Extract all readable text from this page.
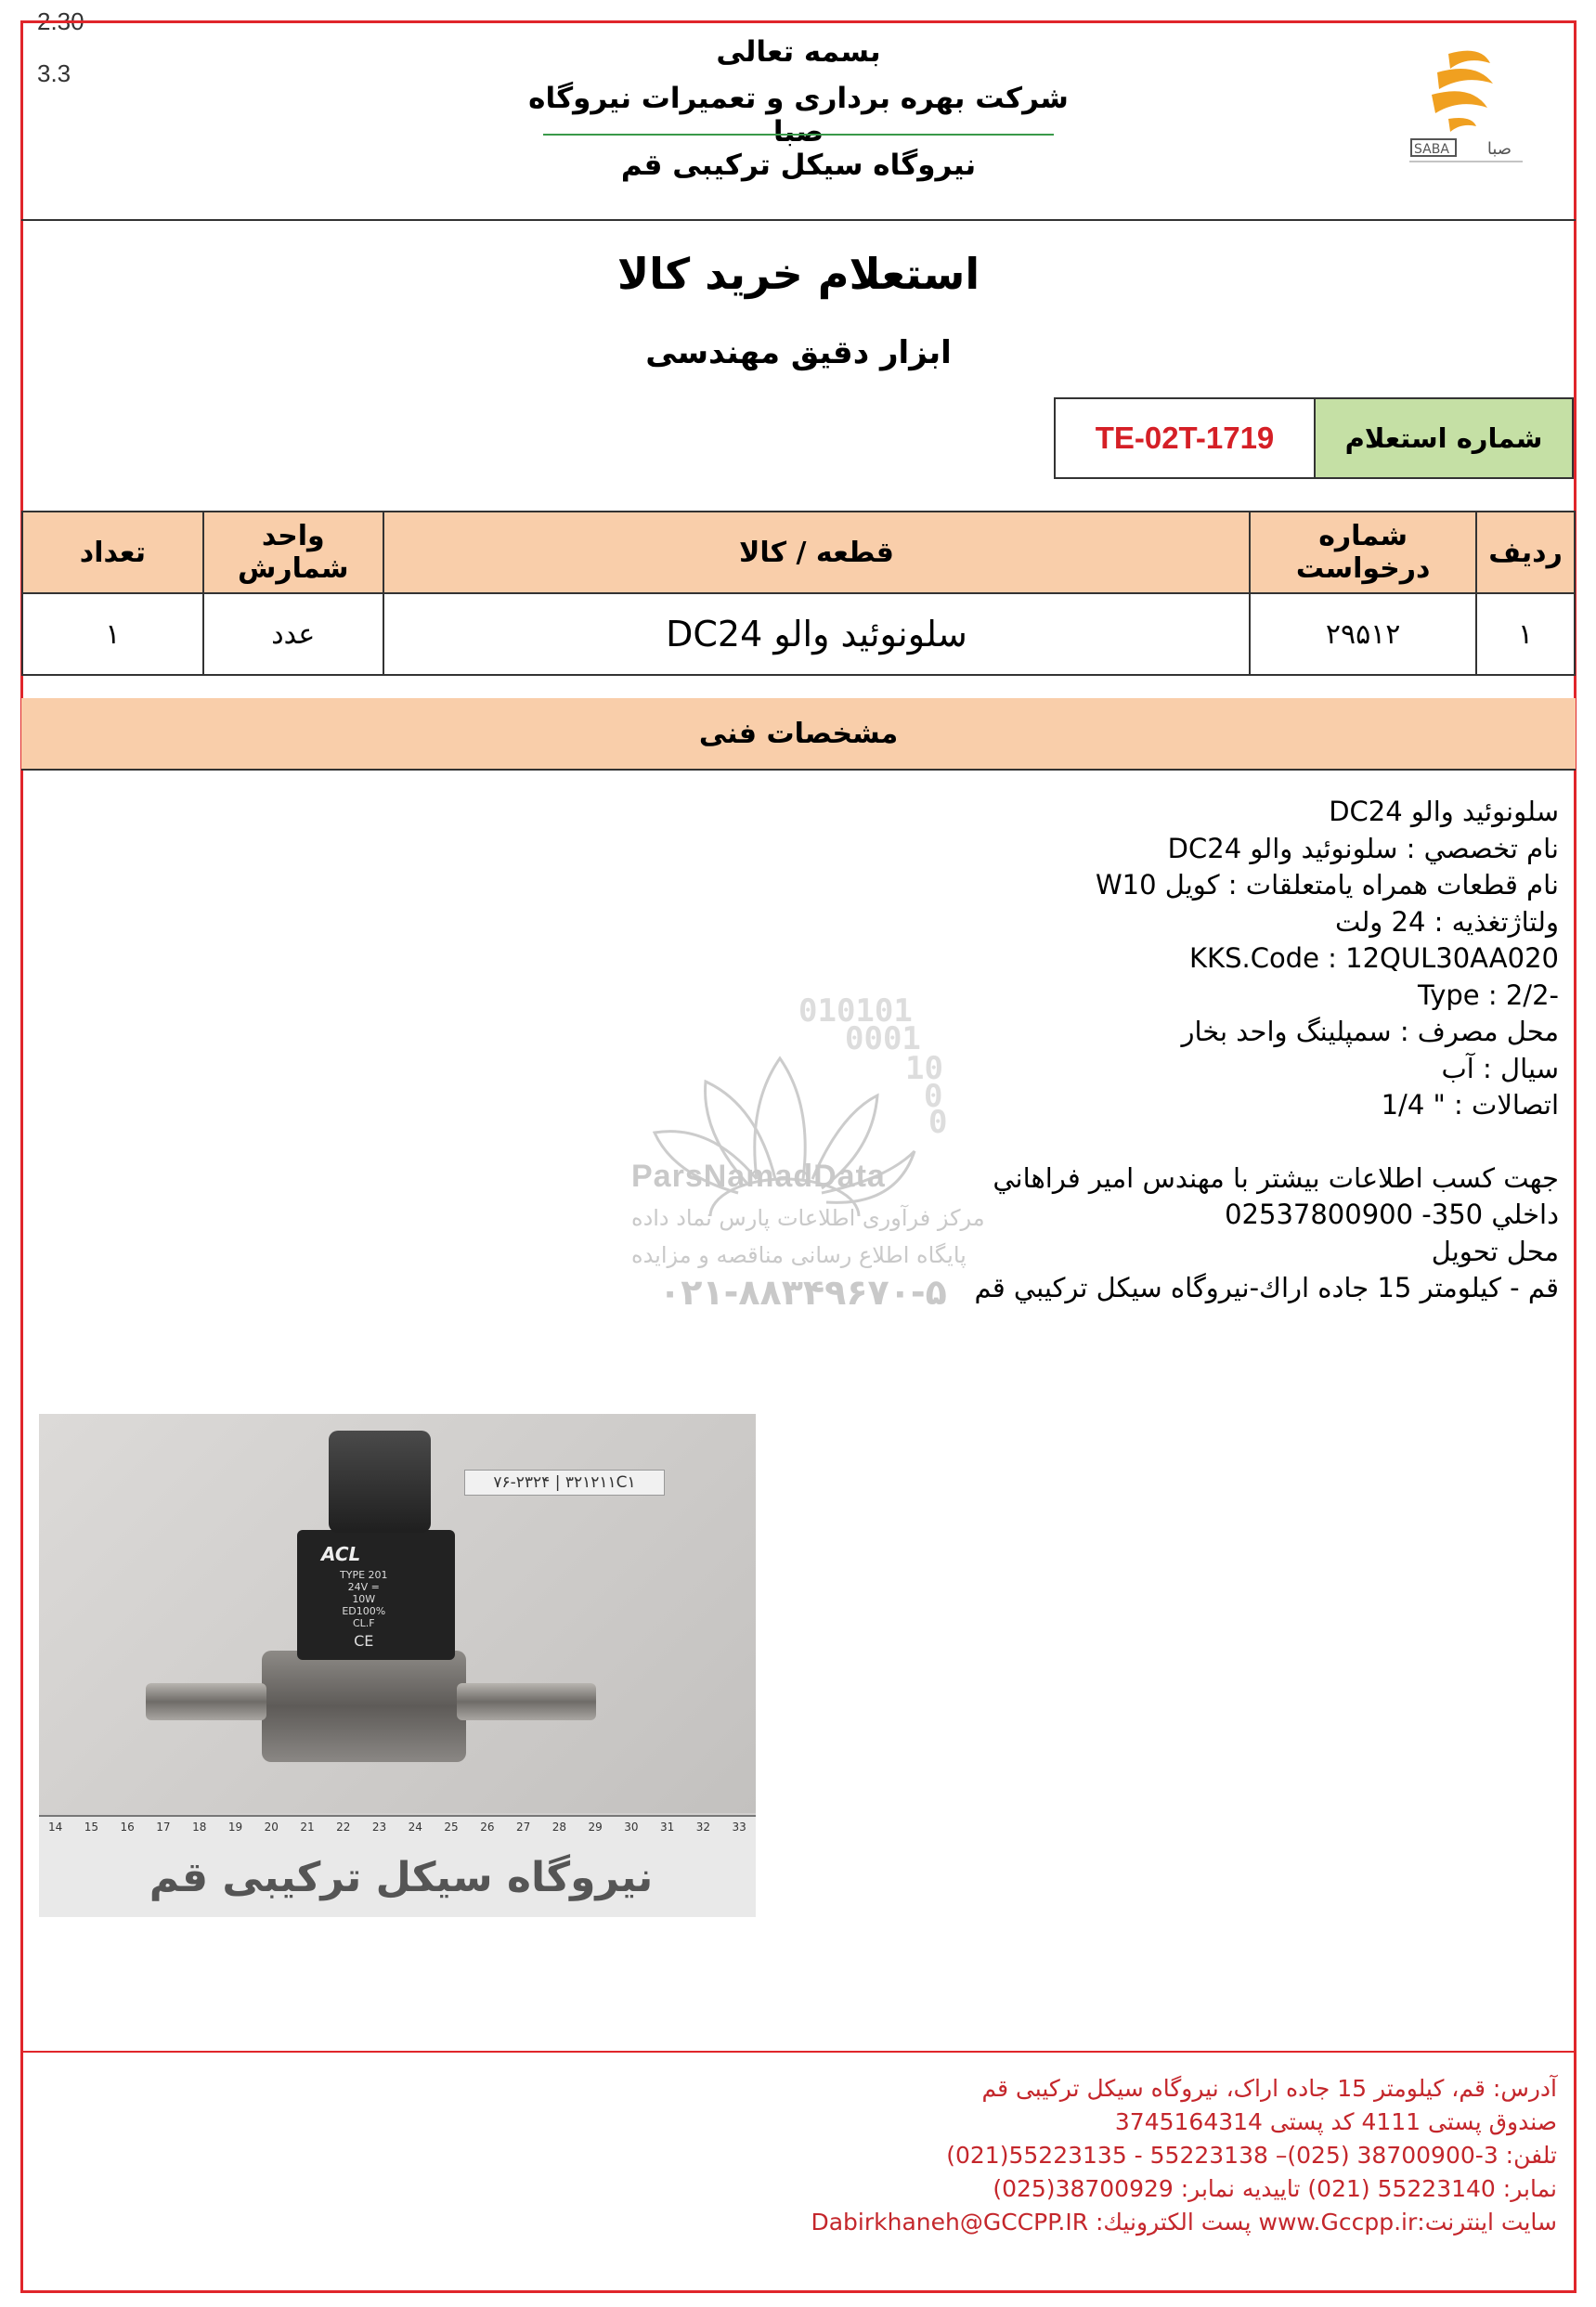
2.30
3.3
بسمه تعالی
شرکت بهره برداری و تعمیرات نیروگاه صبا
نیروگاه سیکل ترکیبی قم	SABA صبا
استعلام خرید کالا
ابزار دقیق مهندسی
TE-02T-1719	شماره استعلام
ردیف	شماره درخواست	قطعه / کالا	واحد شمارش	تعداد
۱	۲۹۵۱۲	سلونوئید والو DC24	عدد	۱
مشخصات فنی
010101
0001
10
0
0
ParsNamadData
مرکز فرآوری اطلاعات پارس نماد داده
پایگاه اطلاع رسانی مناقصه و مزایده
۰۲۱-۸۸۳۴۹۶۷۰-۵
سلونوئید والو DC24
نام تخصصي : سلونوئید والو DC24
نام قطعات همراه يامتعلقات : کویل W10
ولتاژتغذيه : 24 ولت
KKS.Code : 12QUL30AA020
-Type : 2/2
محل مصرف : سمپلینگ واحد بخار
سیال : آب
اتصالات : " 1/4
جهت کسب اطلاعات بیشتر با مهندس امیر فراهاني
داخلي 350- 02537800900
محل تحويل
قم - کيلومتر 15 جاده اراك-نيروگاه سيکل ترکيبي قم
۷۶-۲۳۲۴ | ۳۲۱۲۱۱C۱
ACL
TYPE 201
24V =
10W
ED100%
CL.F
CE
14 15 16 17 18 19 20 21 22 23 24 25 26 27 28 29 30 31 32 33
نیروگاه سیکل ترکیبی قم
آدرس: قم، کیلومتر 15 جاده اراک، نیروگاه سیکل ترکیبی قم
صندوق پستی 4111 کد پستی 3745164314
تلفن: 3-38700900 (025)– 55223138 - 55223135(021)
نمابر: 55223140 (021) تاییدیه نمابر: 38700929(025)
سایت اینترنت:www.Gccpp.ir پست الکترونیك: Dabirkhaneh@GCCPP.IR
